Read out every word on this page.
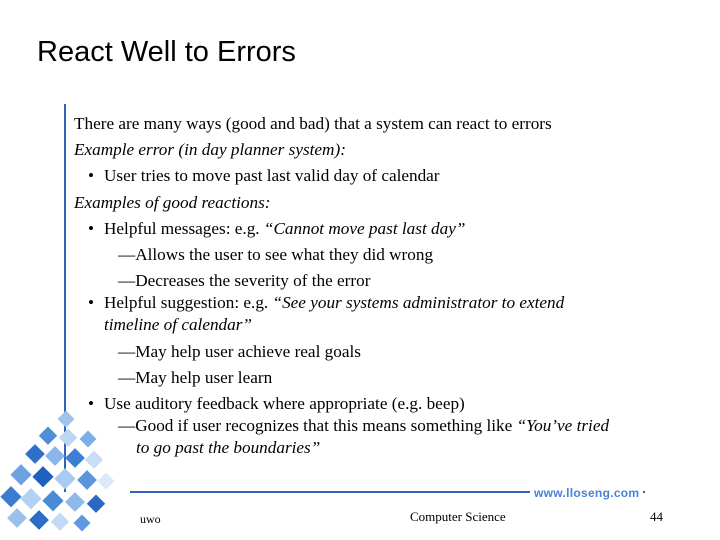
React Well to Errors
There are many ways (good and bad) that a system can react to errors
Example error (in day planner system):
• User tries to move past last valid day of calendar
Examples of good reactions:
• Helpful messages: e.g. “Cannot move past last day”
—Allows the user to see what they did wrong
—Decreases the severity of the error
• Helpful suggestion: e.g. “See your systems administrator to extend
timeline of calendar”
—May help user achieve real goals
—May help user learn
• Use auditory feedback where appropriate (e.g. beep)
—Good if user recognizes that this means something like “You’ve tried
to go past the boundaries”
www.lloseng.com
uwo	Computer Science	44
